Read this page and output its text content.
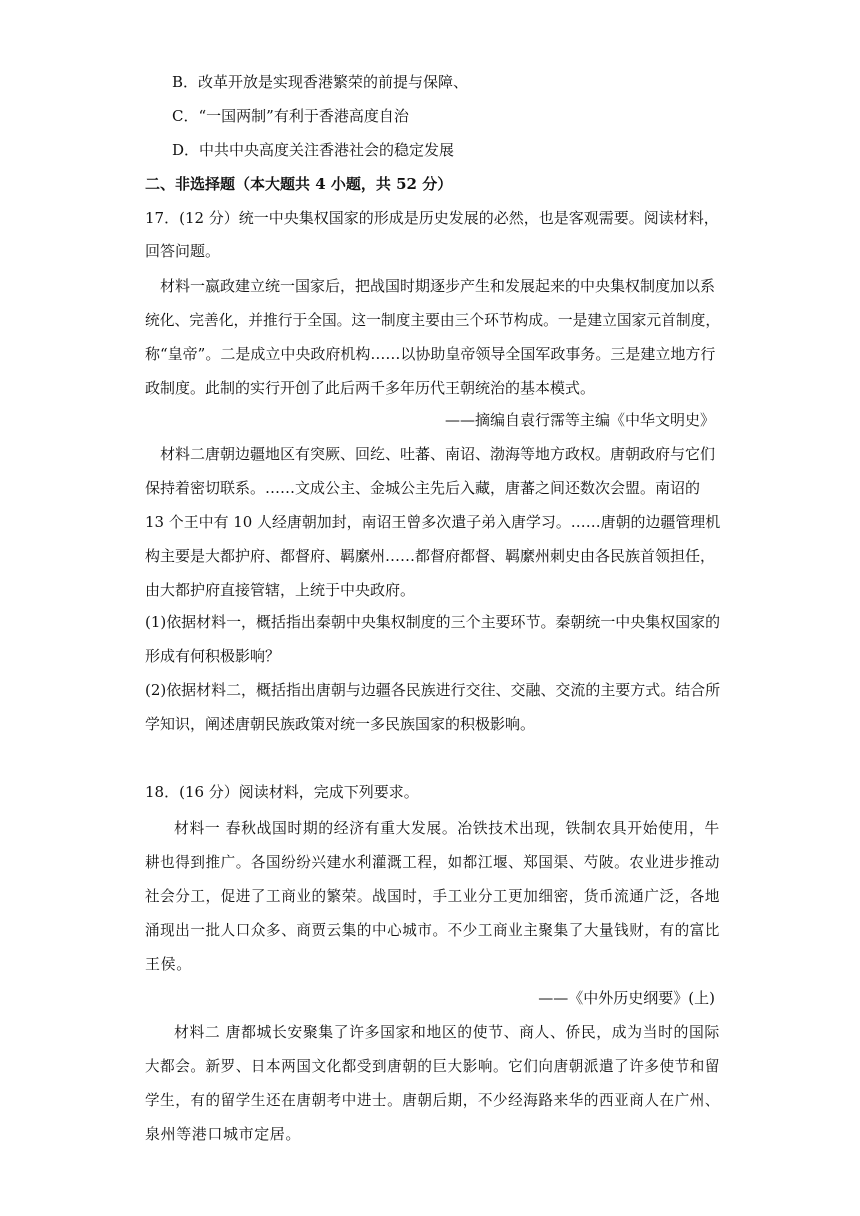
B．改革开放是实现香港繁荣的前提与保障、
C．“一国两制”有利于香港高度自治
D．中共中央高度关注香港社会的稳定发展
二、非选择题（本大题共 4 小题，共 52 分）
17．(12 分）统一中央集权国家的形成是历史发展的必然，也是客观需要。阅读材料，
回答问题。
材料一嬴政建立统一国家后，把战国时期逐步产生和发展起来的中央集权制度加以系
统化、完善化，并推行于全国。这一制度主要由三个环节构成。一是建立国家元首制度，
称“皇帝”。二是成立中央政府机构……以协助皇帝领导全国军政事务。三是建立地方行
政制度。此制的实行开创了此后两千多年历代王朝统治的基本模式。
——摘编自袁行霈等主编《中华文明史》
材料二唐朝边疆地区有突厥、回纥、吐蕃、南诏、渤海等地方政权。唐朝政府与它们
保持着密切联系。……文成公主、金城公主先后入藏，唐蕃之间还数次会盟。南诏的
13 个王中有 10 人经唐朝加封，南诏王曾多次遣子弟入唐学习。……唐朝的边疆管理机
构主要是大都护府、都督府、羁縻州……都督府都督、羁縻州刺史由各民族首领担任，
由大都护府直接管辖，上统于中央政府。
(1)依据材料一，概括指出秦朝中央集权制度的三个主要环节。秦朝统一中央集权国家的
形成有何积极影响？
(2)依据材料二，概括指出唐朝与边疆各民族进行交往、交融、交流的主要方式。结合所
学知识，阐述唐朝民族政策对统一多民族国家的积极影响。
18．(16 分）阅读材料，完成下列要求。
材料一 春秋战国时期的经济有重大发展。冶铁技术出现，铁制农具开始使用，牛
耕也得到推广。各国纷纷兴建水利灌溉工程，如都江堰、郑国渠、芍陂。农业进步推动
社会分工，促进了工商业的繁荣。战国时，手工业分工更加细密，货币流通广泛，各地
涌现出一批人口众多、商贾云集的中心城市。不少工商业主聚集了大量钱财，有的富比
王侯。
——《中外历史纲要》(上)
材料二 唐都城长安聚集了许多国家和地区的使节、商人、侨民，成为当时的国际
大都会。新罗、日本两国文化都受到唐朝的巨大影响。它们向唐朝派遣了许多使节和留
学生，有的留学生还在唐朝考中进士。唐朝后期，不少经海路来华的西亚商人在广州、
泉州等港口城市定居。
